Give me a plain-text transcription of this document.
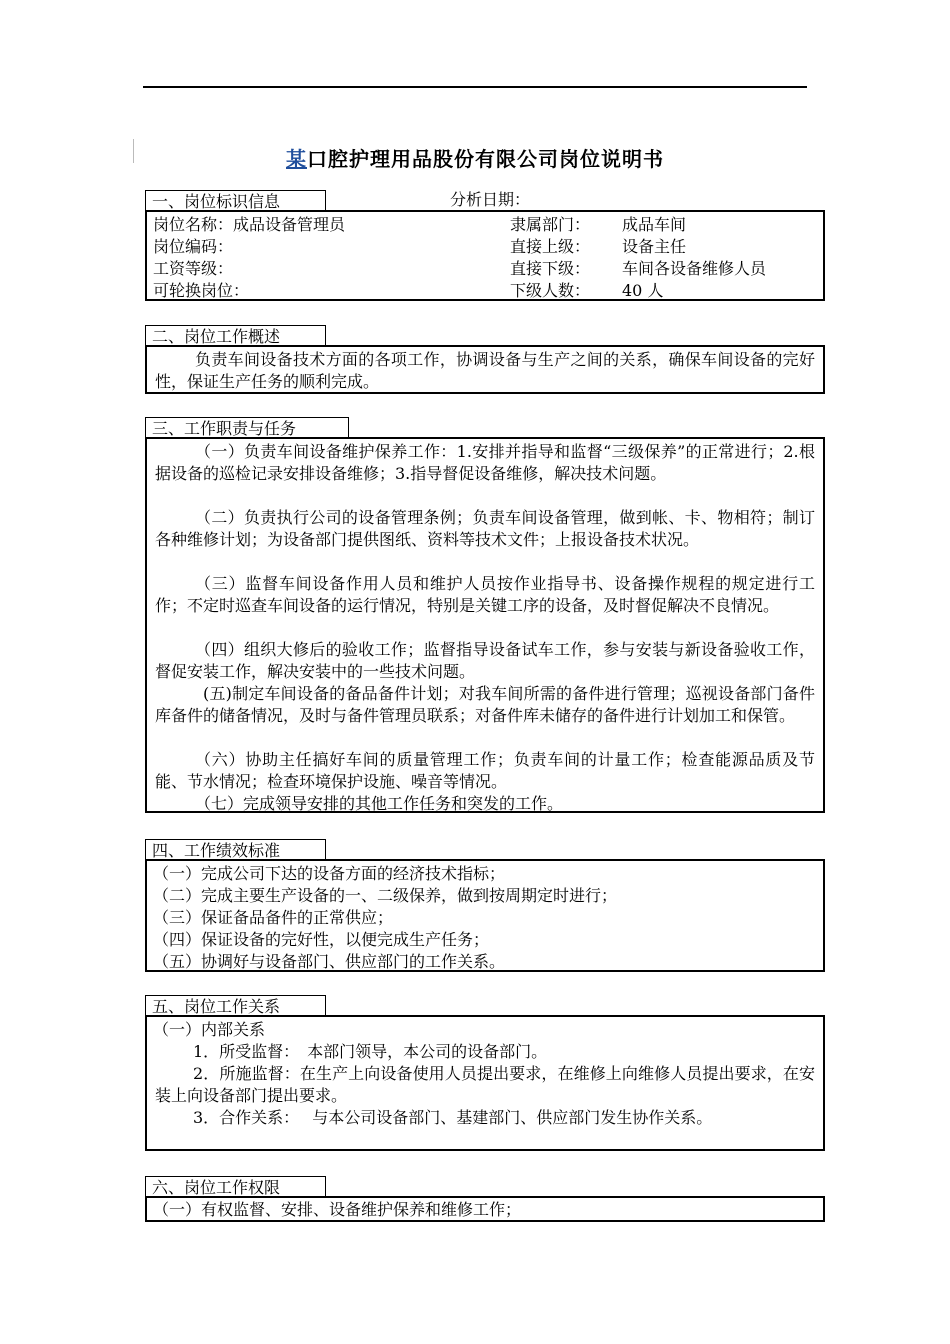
某口腔护理用品股份有限公司岗位说明书
一、岗位标识信息	分析日期：
岗位名称： 成品设备管理员	隶属部门： 成品车间
岗位编码：	直接上级： 设备主任
工资等级：	直接下级： 车间各设备维修人员
可轮换岗位：	下级人数： 40 人
二、岗位工作概述
负责车间设备技术方面的各项工作，协调设备与生产之间的关系，确保车间设备的完好性，保证生产任务的顺利完成。
三、工作职责与任务
（一）负责车间设备维护保养工作：1.安排并指导和监督“三级保养”的正常进行；2.根据设备的巡检记录安排设备维修；3.指导督促设备维修，解决技术问题。
（二）负责执行公司的设备管理条例；负责车间设备管理，做到帐、卡、物相符；制订各种维修计划；为设备部门提供图纸、资料等技术文件；上报设备技术状况。
（三）监督车间设备作用人员和维护人员按作业指导书、设备操作规程的规定进行工作；不定时巡查车间设备的运行情况，特别是关键工序的设备，及时督促解决不良情况。
（四）组织大修后的验收工作；监督指导设备试车工作，参与安装与新设备验收工作，督促安装工作，解决安装中的一些技术问题。
(五)制定车间设备的备品备件计划；对我车间所需的备件进行管理；巡视设备部门备件库备件的储备情况，及时与备件管理员联系；对备件库未储存的备件进行计划加工和保管。
（六）协助主任搞好车间的质量管理工作；负责车间的计量工作；检查能源品质及节能、节水情况；检查环境保护设施、噪音等情况。
（七）完成领导安排的其他工作任务和突发的工作。
四、工作绩效标准
（一）完成公司下达的设备方面的经济技术指标；
（二）完成主要生产设备的一、二级保养，做到按周期定时进行；
（三）保证备品备件的正常供应；
（四）保证设备的完好性，以便完成生产任务；
（五）协调好与设备部门、供应部门的工作关系。
五、岗位工作关系
（一）内部关系
1．所受监督：　本部门领导，本公司的设备部门。
2．所施监督：在生产上向设备使用人员提出要求，在维修上向维修人员提出要求，在安装上向设备部门提出要求。
3．合作关系：　 与本公司设备部门、基建部门、供应部门发生协作关系。
六、岗位工作权限
（一）有权监督、安排、设备维护保养和维修工作；
